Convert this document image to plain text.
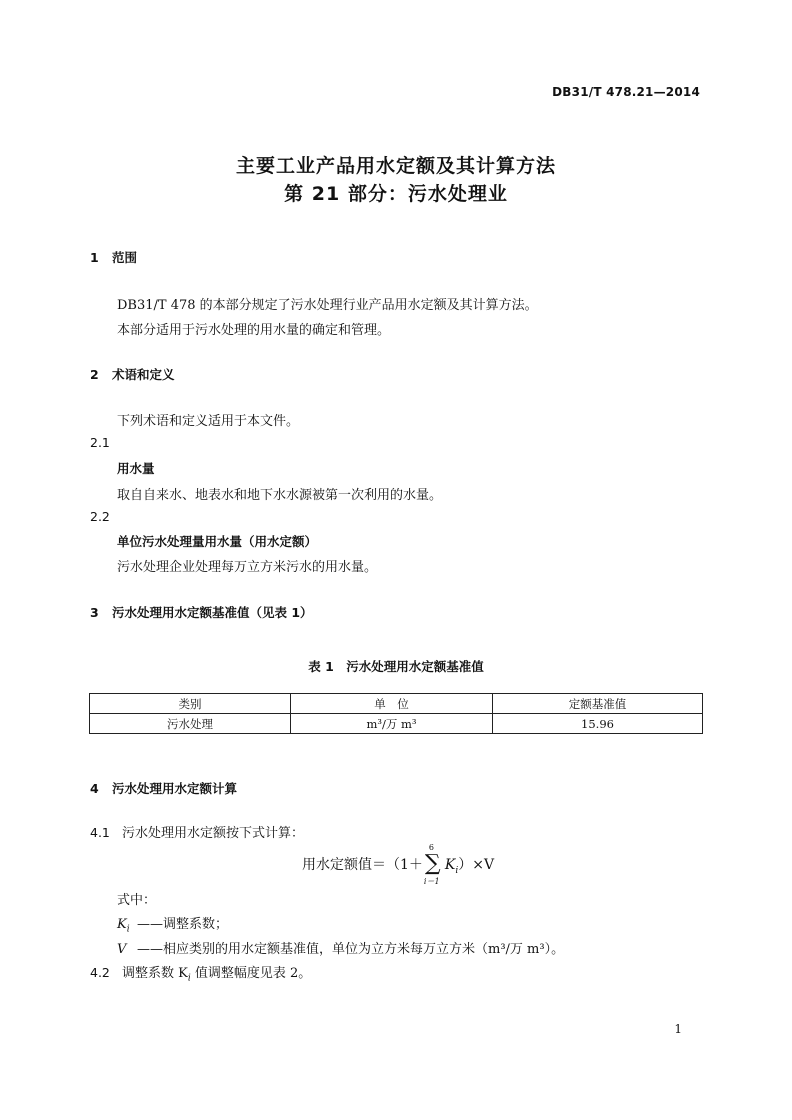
DB31/T 478.21—2014
主要工业产品用水定额及其计算方法
第 21 部分：污水处理业
1 范围
DB31/T 478 的本部分规定了污水处理行业产品用水定额及其计算方法。
本部分适用于污水处理的用水量的确定和管理。
2 术语和定义
下列术语和定义适用于本文件。
2.1
用水量
取自自来水、地表水和地下水水源被第一次利用的水量。
2.2
单位污水处理量用水量（用水定额）
污水处理企业处理每万立方米污水的用水量。
3 污水处理用水定额基准值（见表 1）
表 1　污水处理用水定额基准值
类别	单　位	定额基准值
污水处理	m³/万 m³	15.96
4 污水处理用水定额计算
4.1 污水处理用水定额按下式计算：
用水定额值＝（1＋
6
∑
i＝1
$K_i)\times V$
式中：
$K_i$ ——调整系数；
V ——相应类别的用水定额基准值，单位为立方米每万立方米（m³/万 m³）。
4.2 调整系数 $K_i$ 值调整幅度见表 2。
1
